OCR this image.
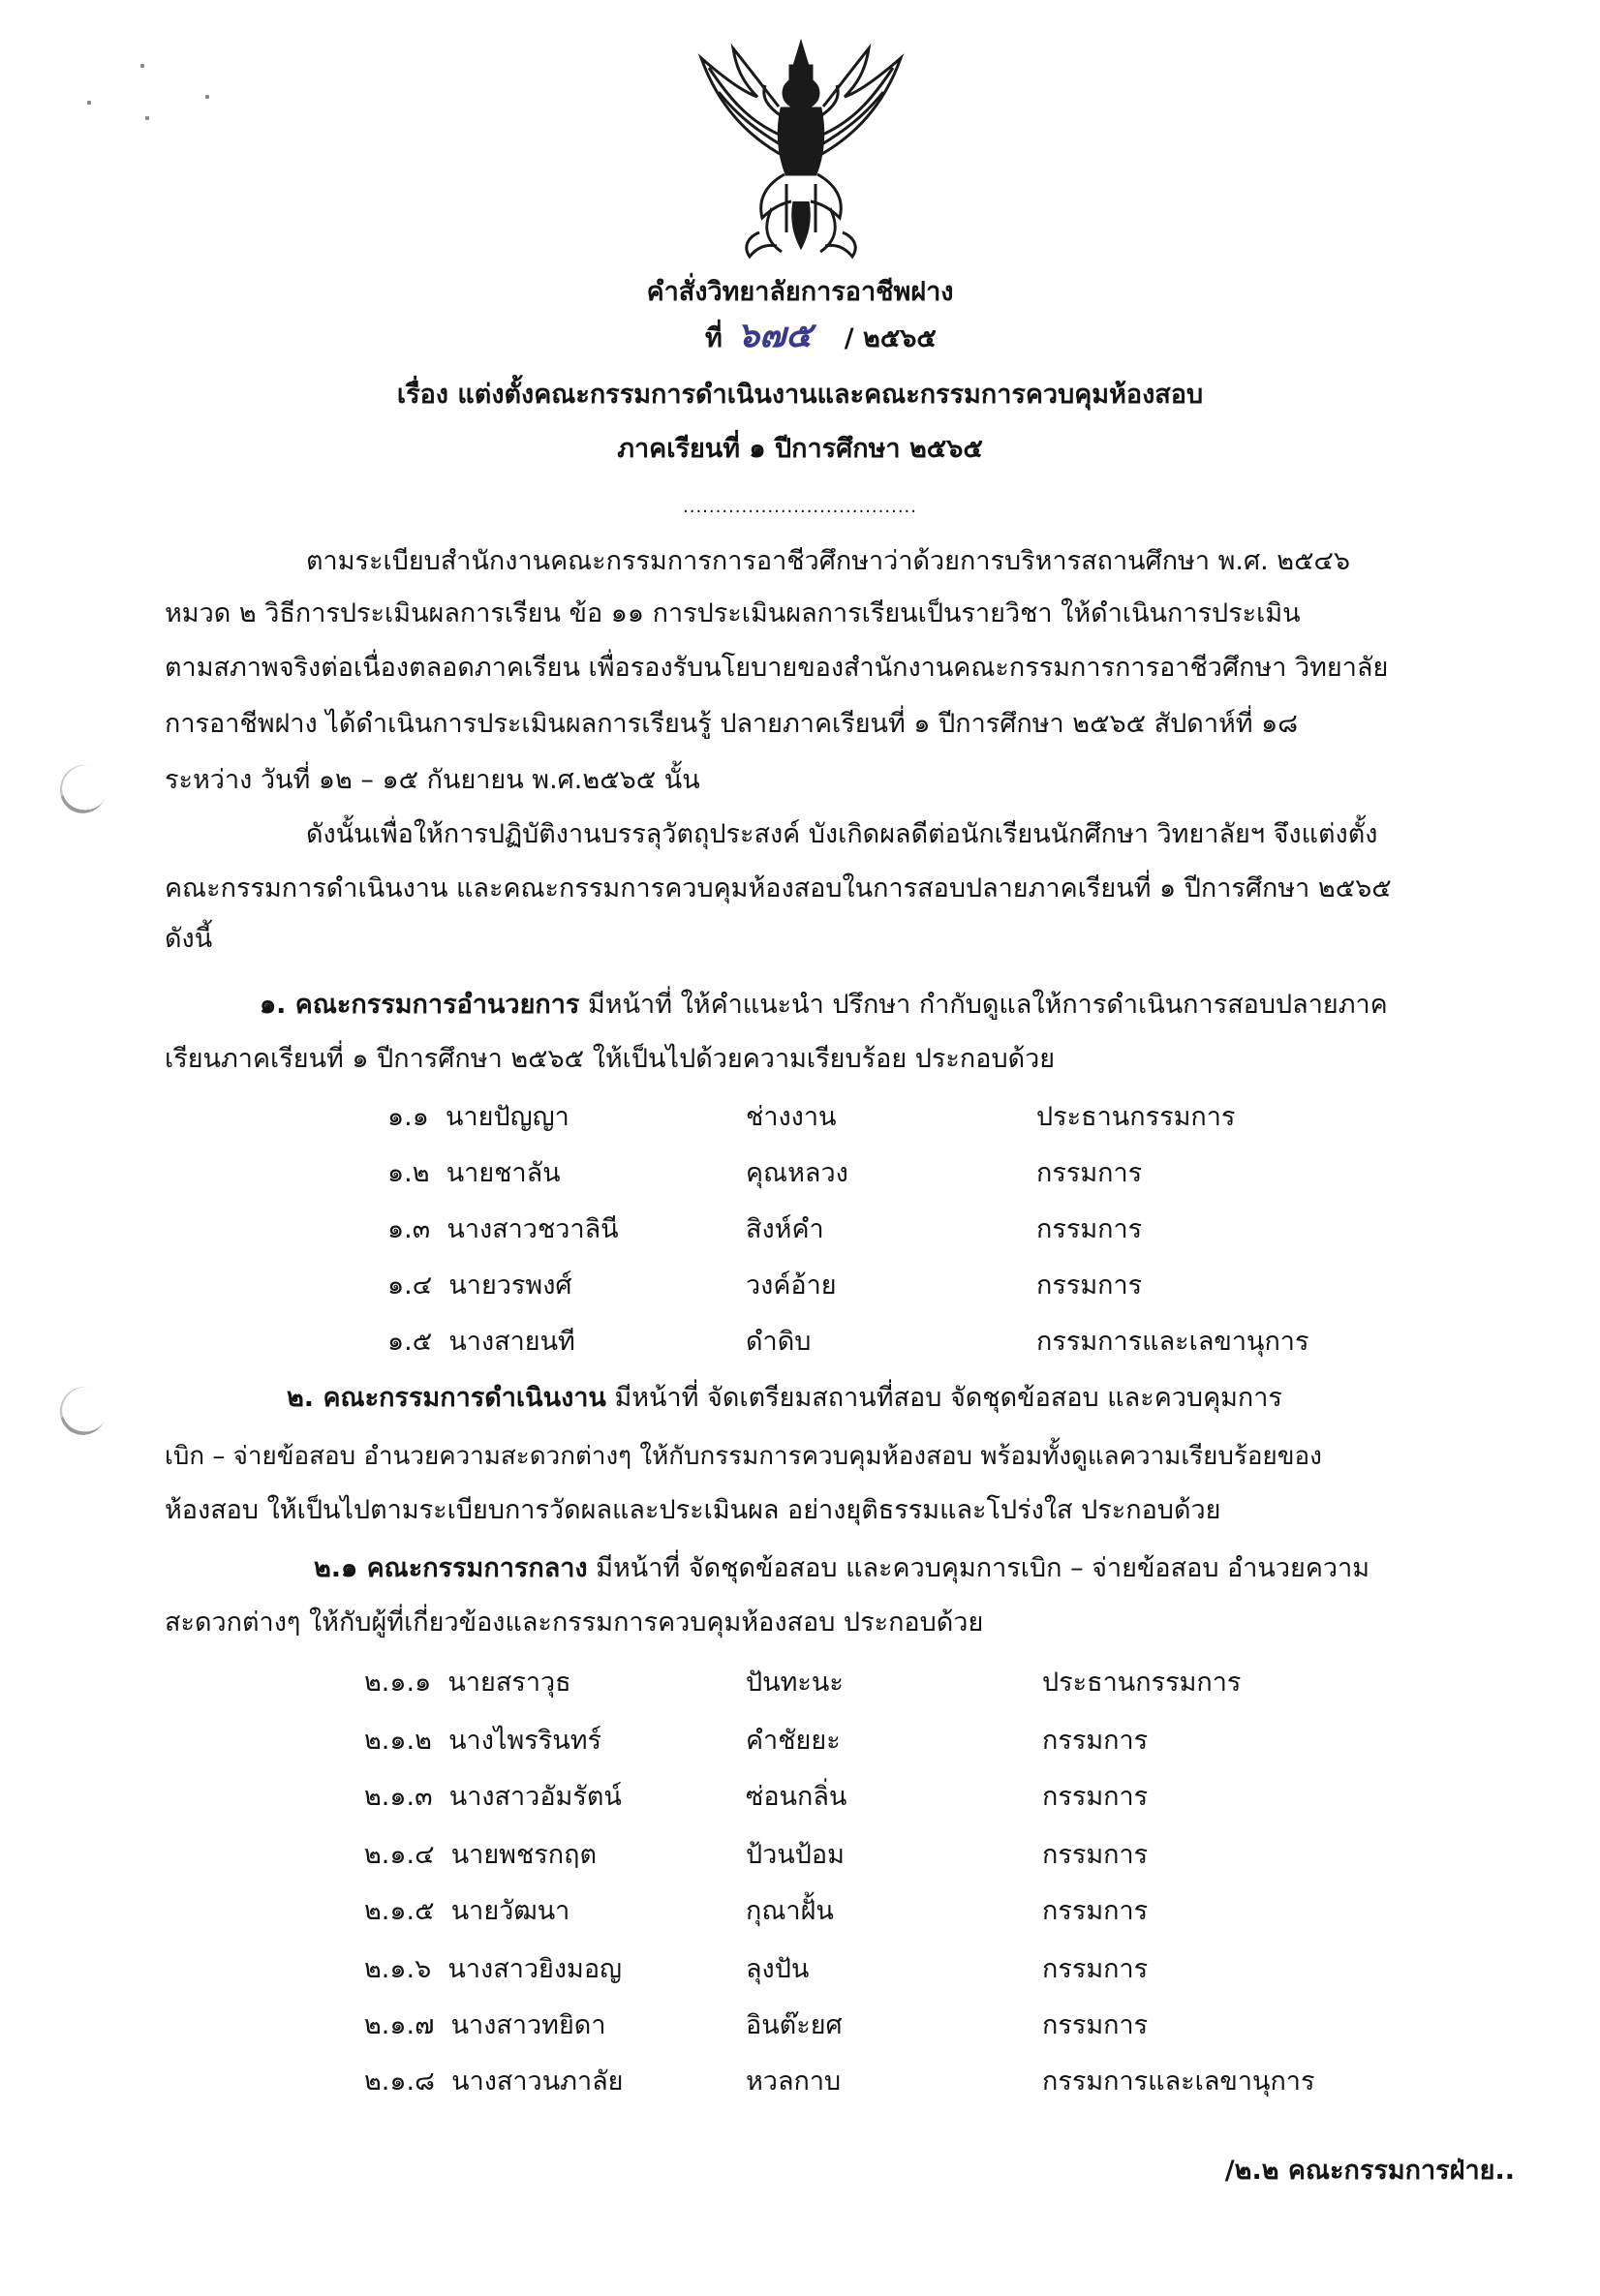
คำสั่งวิทยาลัยการอาชีพฝาง
ที่ ๖๗๕ / ๒๕๖๕
เรื่อง แต่งตั้งคณะกรรมการดำเนินงานและคณะกรรมการควบคุมห้องสอบ
ภาคเรียนที่ ๑ ปีการศึกษา ๒๕๖๕
....................................
ตามระเบียบสำนักงานคณะกรรมการการอาชีวศึกษาว่าด้วยการบริหารสถานศึกษา พ.ศ. ๒๕๔๖
หมวด ๒ วิธีการประเมินผลการเรียน ข้อ ๑๑ การประเมินผลการเรียนเป็นรายวิชา ให้ดำเนินการประเมิน
ตามสภาพจริงต่อเนื่องตลอดภาคเรียน เพื่อรองรับนโยบายของสำนักงานคณะกรรมการการอาชีวศึกษา วิทยาลัย
การอาชีพฝาง ได้ดำเนินการประเมินผลการเรียนรู้ ปลายภาคเรียนที่ ๑ ปีการศึกษา ๒๕๖๕ สัปดาห์ที่ ๑๘
ระหว่าง วันที่ ๑๒ – ๑๕ กันยายน พ.ศ.๒๕๖๕ นั้น
ดังนั้นเพื่อให้การปฏิบัติงานบรรลุวัตถุประสงค์ บังเกิดผลดีต่อนักเรียนนักศึกษา วิทยาลัยฯ จึงแต่งตั้ง
คณะกรรมการดำเนินงาน และคณะกรรมการควบคุมห้องสอบในการสอบปลายภาคเรียนที่ ๑ ปีการศึกษา ๒๕๖๕
ดังนี้
๑. คณะกรรมการอำนวยการ มีหน้าที่ ให้คำแนะนำ ปรึกษา กำกับดูแลให้การดำเนินการสอบปลายภาค
เรียนภาคเรียนที่ ๑ ปีการศึกษา ๒๕๖๕ ให้เป็นไปด้วยความเรียบร้อย ประกอบด้วย
๑.๑ นายปัญญา	ช่างงาน	ประธานกรรมการ
๑.๒ นายชาลัน	คุณหลวง	กรรมการ
๑.๓ นางสาวชวาลินี	สิงห์คำ	กรรมการ
๑.๔ นายวรพงศ์	วงค์อ้าย	กรรมการ
๑.๕ นางสายนที	ดำดิบ	กรรมการและเลขานุการ
๒. คณะกรรมการดำเนินงาน มีหน้าที่ จัดเตรียมสถานที่สอบ จัดชุดข้อสอบ และควบคุมการ
เบิก – จ่ายข้อสอบ อำนวยความสะดวกต่างๆ ให้กับกรรมการควบคุมห้องสอบ พร้อมทั้งดูแลความเรียบร้อยของ
ห้องสอบ ให้เป็นไปตามระเบียบการวัดผลและประเมินผล อย่างยุติธรรมและโปร่งใส ประกอบด้วย
๒.๑ คณะกรรมการกลาง มีหน้าที่ จัดชุดข้อสอบ และควบคุมการเบิก – จ่ายข้อสอบ อำนวยความ
สะดวกต่างๆ ให้กับผู้ที่เกี่ยวข้องและกรรมการควบคุมห้องสอบ ประกอบด้วย
๒.๑.๑ นายสราวุธ	ปันทะนะ	ประธานกรรมการ
๒.๑.๒ นางไพรรินทร์	คำชัยยะ	กรรมการ
๒.๑.๓ นางสาวอัมรัตน์	ซ่อนกลิ่น	กรรมการ
๒.๑.๔ นายพชรกฤต	ป้วนป้อม	กรรมการ
๒.๑.๕ นายวัฒนา	กุณาฝั้น	กรรมการ
๒.๑.๖ นางสาวยิงมอญ	ลุงปัน	กรรมการ
๒.๑.๗ นางสาวทยิดา	อินต๊ะยศ	กรรมการ
๒.๑.๘ นางสาวนภาลัย	หวลกาบ	กรรมการและเลขานุการ
/๒.๒ คณะกรรมการฝ่าย..
